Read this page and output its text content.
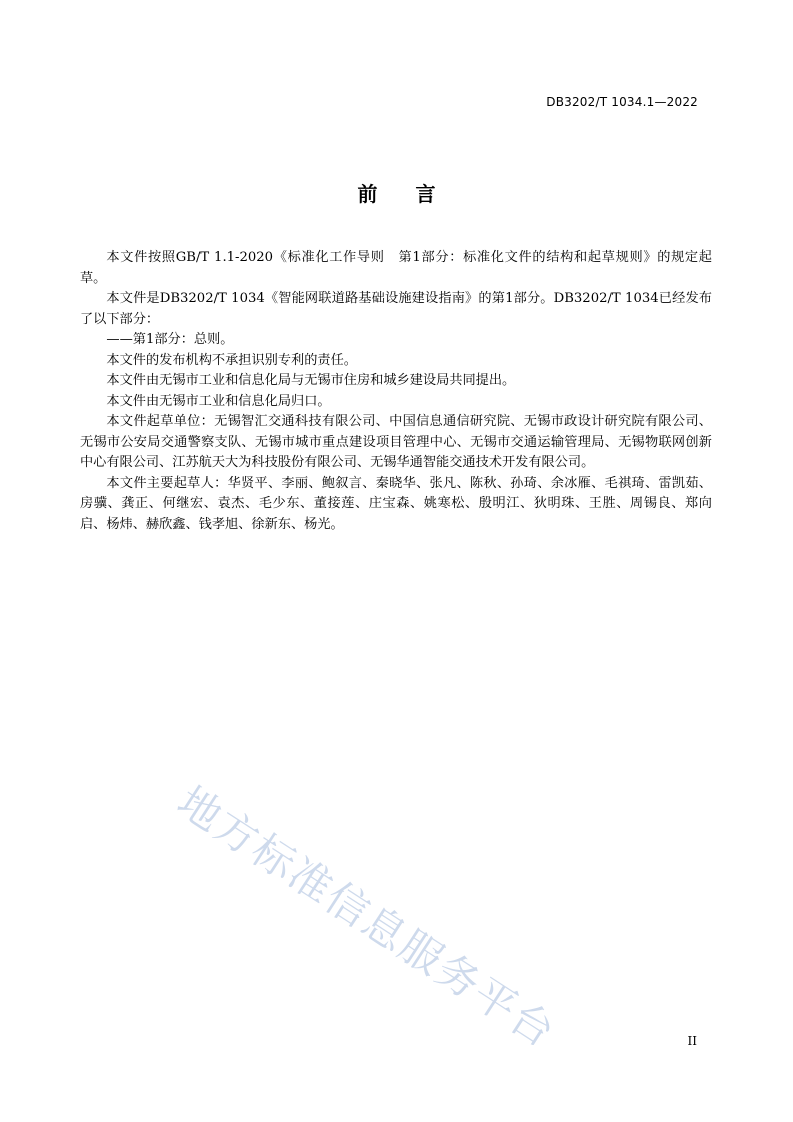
DB3202/T 1034.1—2022
前言

本文件按照GB/T 1.1-2020《标准化工作导则　第1部分：标准化文件的结构和起草规则》的规定起草。

本文件是DB3202/T 1034《智能网联道路基础设施建设指南》的第1部分。DB3202/T 1034已经发布了以下部分：

——第1部分：总则。

本文件的发布机构不承担识别专利的责任。

本文件由无锡市工业和信息化局与无锡市住房和城乡建设局共同提出。

本文件由无锡市工业和信息化局归口。

本文件起草单位：无锡智汇交通科技有限公司、中国信息通信研究院、无锡市政设计研究院有限公司、无锡市公安局交通警察支队、无锡市城市重点建设项目管理中心、无锡市交通运输管理局、无锡物联网创新中心有限公司、江苏航天大为科技股份有限公司、无锡华通智能交通技术开发有限公司。

本文件主要起草人：华贤平、李丽、鲍叙言、秦晓华、张凡、陈秋、孙琦、余冰雁、毛祺琦、雷凯茹、房骥、龚正、何继宏、袁杰、毛少东、董接莲、庄宝森、姚寒松、殷明江、狄明珠、王胜、周锡良、郑向启、杨炜、赫欣鑫、钱孝旭、徐新东、杨光。

地方标准信息服务平台	II
